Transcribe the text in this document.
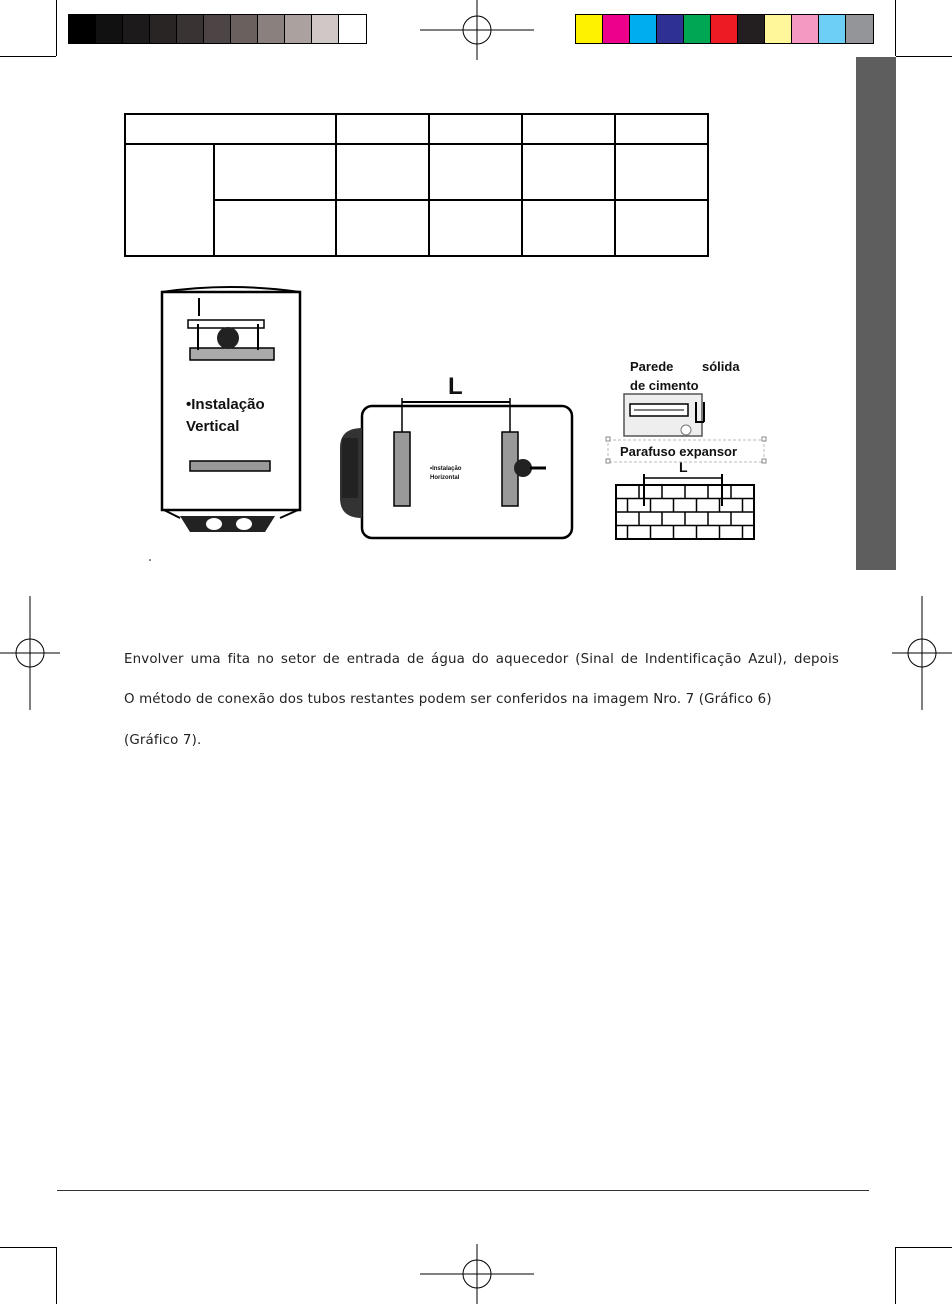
•Instalação
Vertical
L
•Instalação
Horizontal
Parede sólida
de cimento
Parafuso expansor
L
Envolver uma fita no setor de entrada de água do aquecedor (Sinal de Indentificação Azul), depois
O método de conexão dos tubos restantes podem ser conferidos na imagem Nro. 7 (Gráfico 6)
(Gráfico 7).
